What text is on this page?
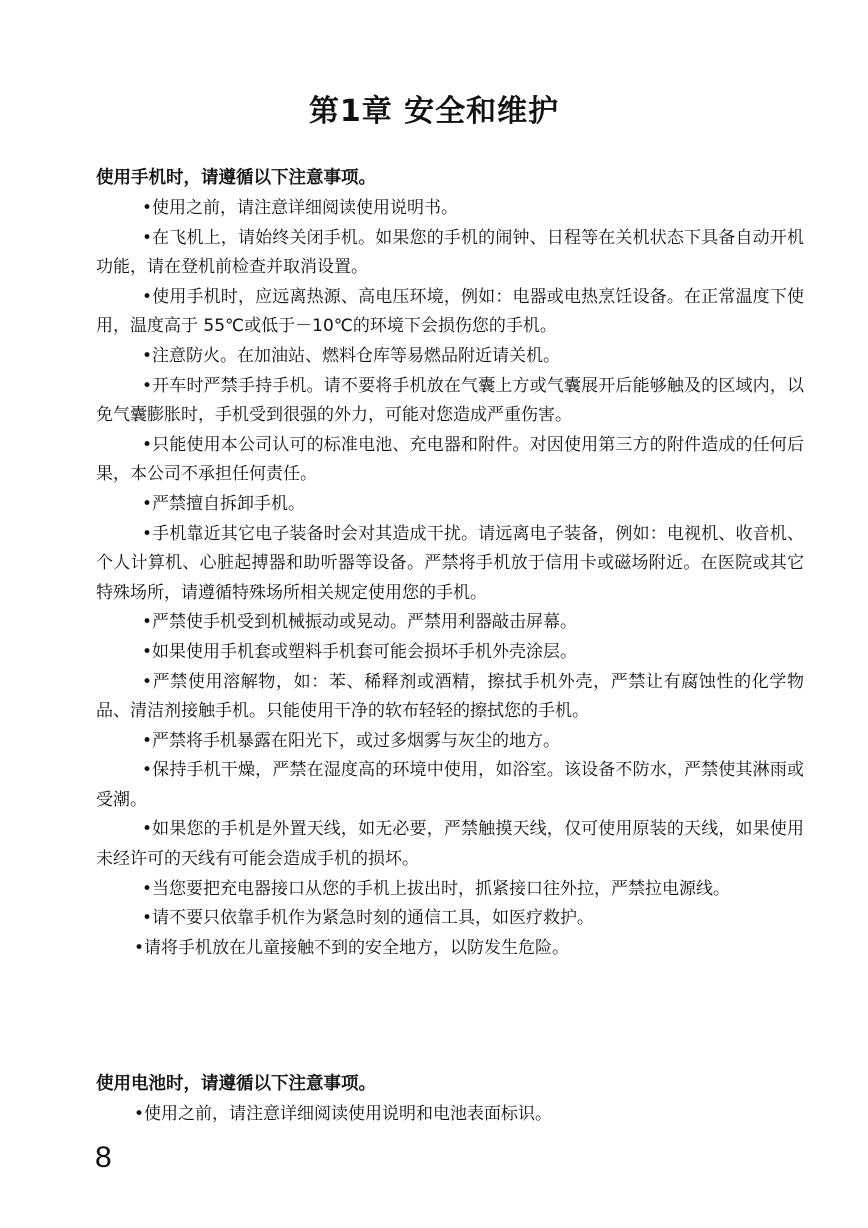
第1章 安全和维护
使用手机时，请遵循以下注意事项。

•使用之前，请注意详细阅读使用说明书。

•在飞机上，请始终关闭手机。如果您的手机的闹钟、日程等在关机状态下具备自动开机功能，请在登机前检查并取消设置。

•使用手机时，应远离热源、高电压环境，例如：电器或电热烹饪设备。在正常温度下使用，温度高于 55℃或低于－10℃的环境下会损伤您的手机。

•注意防火。在加油站、燃料仓库等易燃品附近请关机。

•开车时严禁手持手机。请不要将手机放在气囊上方或气囊展开后能够触及的区域内，以免气囊膨胀时，手机受到很强的外力，可能对您造成严重伤害。

•只能使用本公司认可的标准电池、充电器和附件。对因使用第三方的附件造成的任何后果，本公司不承担任何责任。

•严禁擅自拆卸手机。

•手机靠近其它电子装备时会对其造成干扰。请远离电子装备，例如：电视机、收音机、个人计算机、心脏起搏器和助听器等设备。严禁将手机放于信用卡或磁场附近。在医院或其它特殊场所，请遵循特殊场所相关规定使用您的手机。

•严禁使手机受到机械振动或晃动。严禁用利器敲击屏幕。

•如果使用手机套或塑料手机套可能会损坏手机外壳涂层。

•严禁使用溶解物，如：苯、稀释剂或酒精，擦拭手机外壳，严禁让有腐蚀性的化学物品、清洁剂接触手机。只能使用干净的软布轻轻的擦拭您的手机。

•严禁将手机暴露在阳光下，或过多烟雾与灰尘的地方。

•保持手机干燥，严禁在湿度高的环境中使用，如浴室。该设备不防水，严禁使其淋雨或受潮。

•如果您的手机是外置天线，如无必要，严禁触摸天线，仅可使用原装的天线，如果使用未经许可的天线有可能会造成手机的损坏。

•当您要把充电器接口从您的手机上拔出时，抓紧接口往外拉，严禁拉电源线。

•请不要只依靠手机作为紧急时刻的通信工具，如医疗救护。

•请将手机放在儿童接触不到的安全地方，以防发生危险。

使用电池时，请遵循以下注意事项。

•使用之前，请注意详细阅读使用说明和电池表面标识。

8
